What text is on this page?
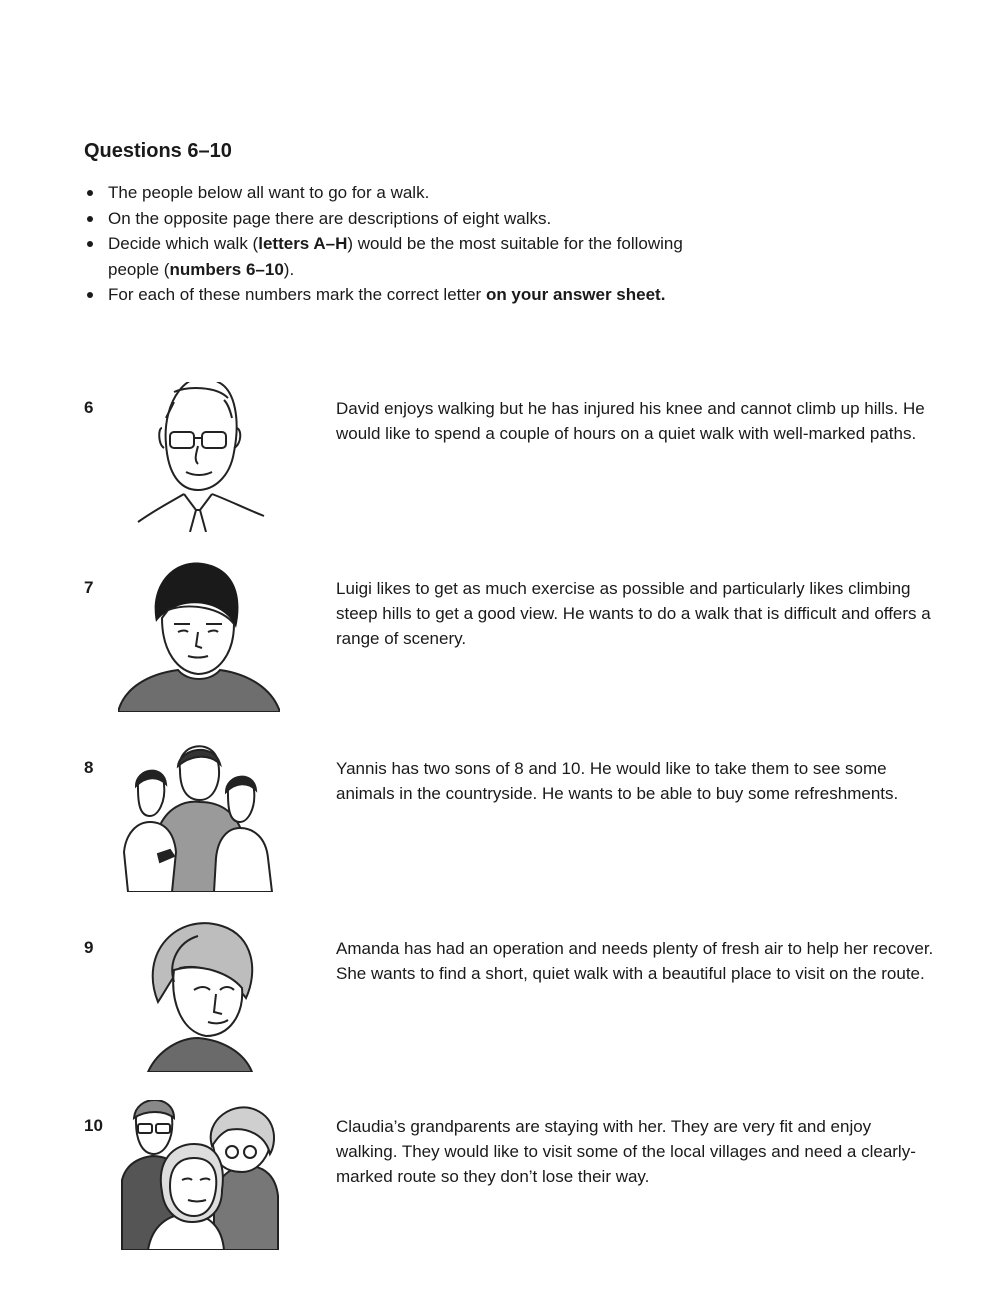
Questions 6–10
The people below all want to go for a walk.
On the opposite page there are descriptions of eight walks.
Decide which walk (letters A–H) would be the most suitable for the following
people (numbers 6–10).
For each of these numbers mark the correct letter on your answer sheet.
6	David enjoys walking but he has injured his knee and cannot climb up hills. He would like to spend a couple of hours on a quiet walk with well-marked paths.

7	Luigi likes to get as much exercise as possible and particularly likes climbing steep hills to get a good view. He wants to do a walk that is difficult and offers a range of scenery.

8	Yannis has two sons of 8 and 10. He would like to take them to see some animals in the countryside. He wants to be able to buy some refreshments.

9	Amanda has had an operation and needs plenty of fresh air to help her recover. She wants to find a short, quiet walk with a beautiful place to visit on the route.

10	Claudia’s grandparents are staying with her. They are very fit and enjoy walking. They would like to visit some of the local villages and need a clearly-marked route so they don’t lose their way.
